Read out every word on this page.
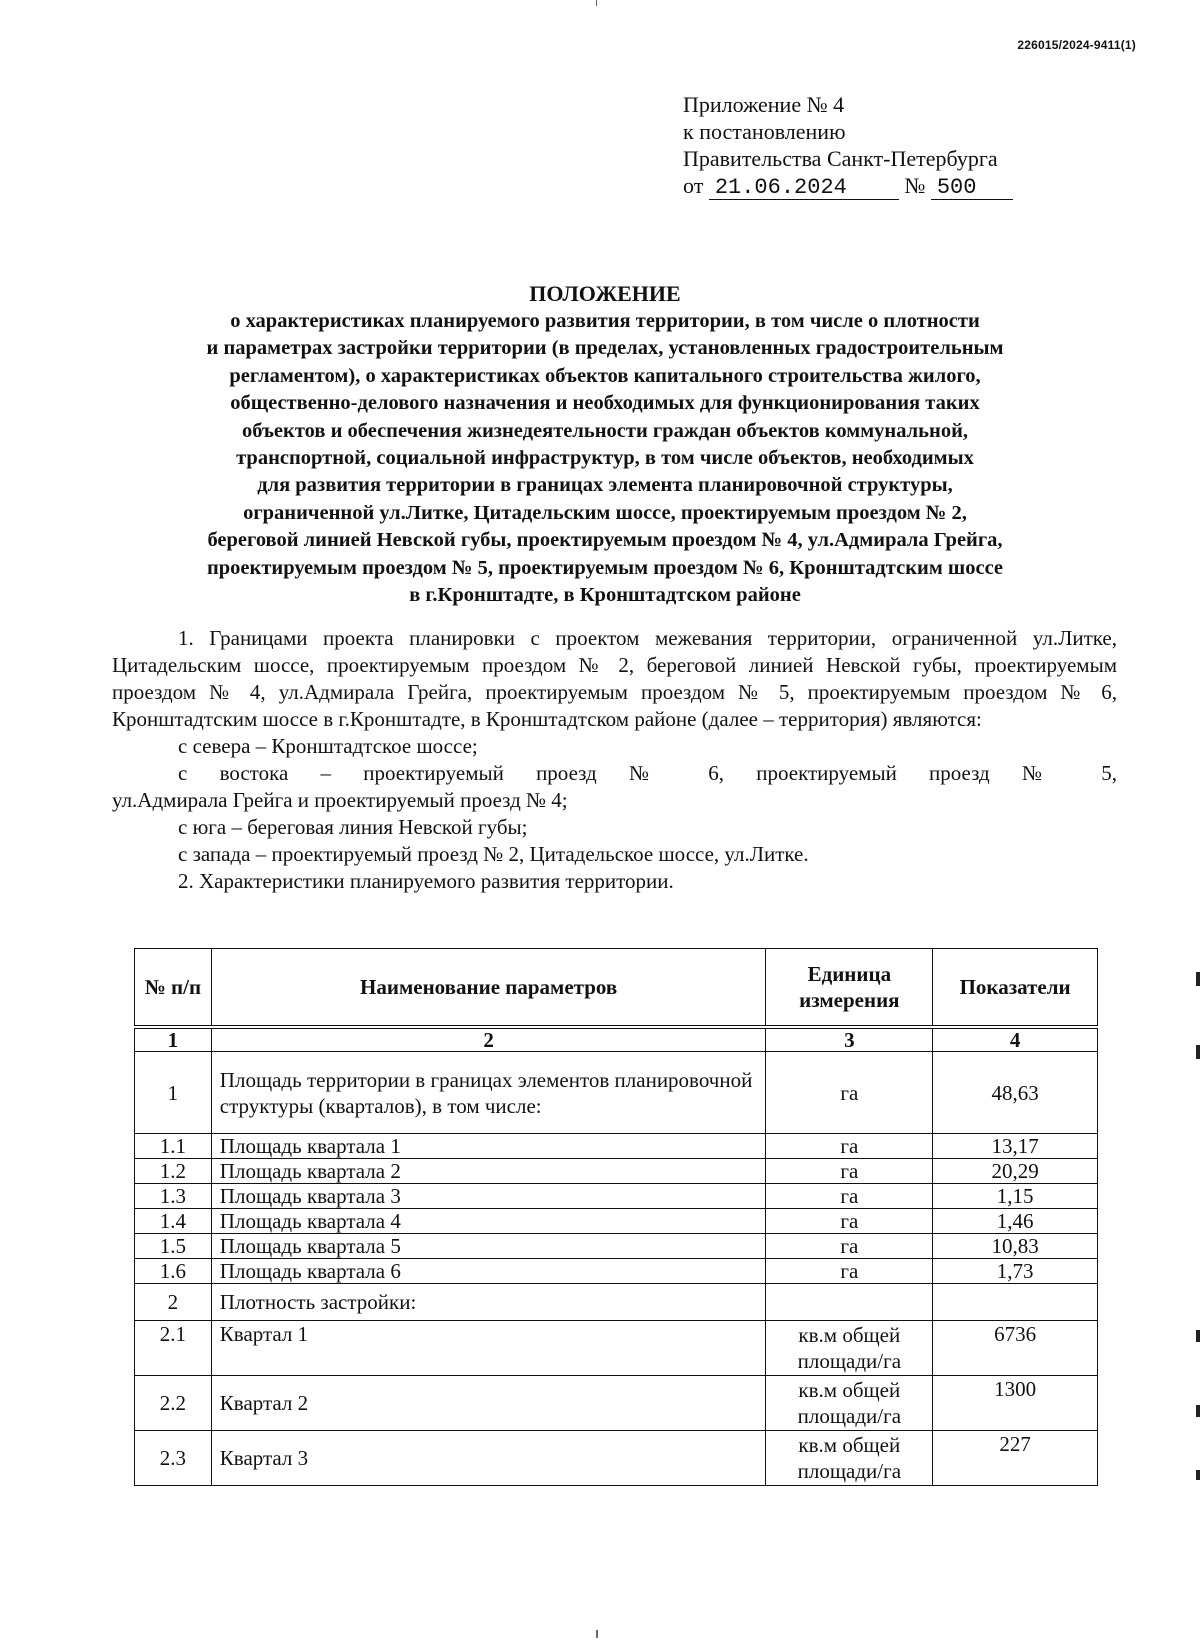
226015/2024-9411(1)
Приложение № 4
к постановлению
Правительства Санкт-Петербурга
от 21.06.2024	№ 500
ПОЛОЖЕНИЕ
о характеристиках планируемого развития территории, в том числе о плотности
и параметрах застройки территории (в пределах, установленных градостроительным
регламентом), о характеристиках объектов капитального строительства жилого,
общественно-делового назначения и необходимых для функционирования таких
объектов и обеспечения жизнедеятельности граждан объектов коммунальной,
транспортной, социальной инфраструктур, в том числе объектов, необходимых
для развития территории в границах элемента планировочной структуры,
ограниченной ул.Литке, Цитадельским шоссе, проектируемым проездом № 2,
береговой линией Невской губы, проектируемым проездом № 4, ул.Адмирала Грейга,
проектируемым проездом № 5, проектируемым проездом № 6, Кронштадтским шоссе
в г.Кронштадте, в Кронштадтском районе

1. Границами проекта планировки с проектом межевания территории, ограниченной ул.Литке, Цитадельским шоссе, проектируемым проездом № 2, береговой линией Невской губы, проектируемым проездом № 4, ул.Адмирала Грейга, проектируемым проездом № 5, проектируемым проездом № 6, Кронштадтским шоссе в г.Кронштадте, в Кронштадтском районе (далее – территория) являются:

с севера – Кронштадтское шоссе;

с востока – проектируемый проезд № 6, проектируемый проезд № 5,

ул.Адмирала Грейга и проектируемый проезд № 4;

с юга – береговая линия Невской губы;

с запада – проектируемый проезд № 2, Цитадельское шоссе, ул.Литке.

2. Характеристики планируемого развития территории.

№ п/п	Наименование параметров	Единица измерения	Показатели
1	2	3	4
1	Площадь территории в границах элементов планировочной структуры (кварталов), в том числе:	га	48,63
1.1	Площадь квартала 1	га	13,17
1.2	Площадь квартала 2	га	20,29
1.3	Площадь квартала 3	га	1,15
1.4	Площадь квартала 4	га	1,46
1.5	Площадь квартала 5	га	10,83
1.6	Площадь квартала 6	га	1,73
2	Плотность застройки:		
2.1	Квартал 1	кв.м общей площади/га	6736
2.2	Квартал 2	кв.м общей площади/га	1300
2.3	Квартал 3	кв.м общей площади/га	227
